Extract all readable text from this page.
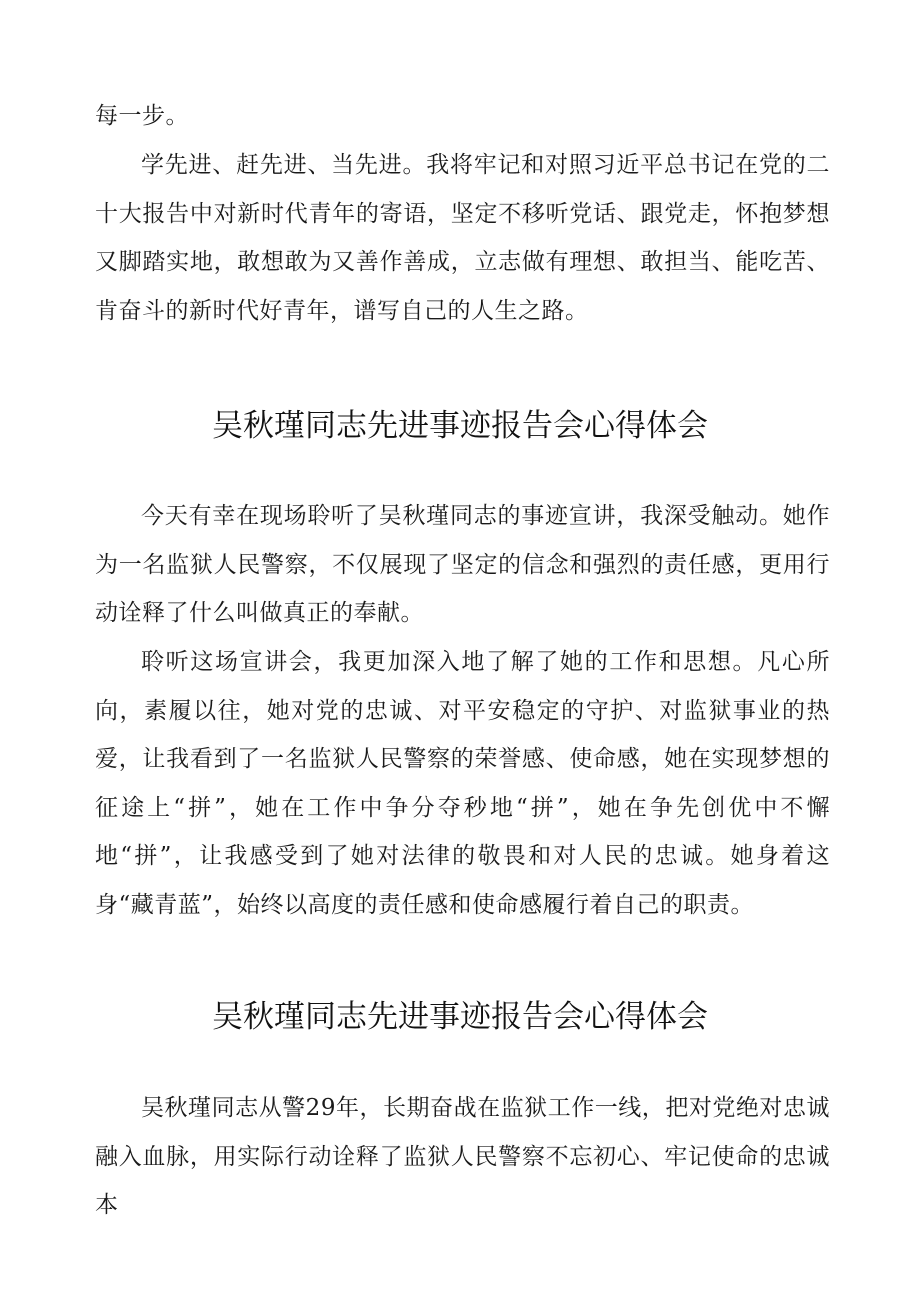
每一步。

学先进、赶先进、当先进。我将牢记和对照习近平总书记在党的二十大报告中对新时代青年的寄语，坚定不移听党话、跟党走，怀抱梦想又脚踏实地，敢想敢为又善作善成，立志做有理想、敢担当、能吃苦、肯奋斗的新时代好青年，谱写自己的人生之路。

吴秋瑾同志先进事迹报告会心得体会

今天有幸在现场聆听了吴秋瑾同志的事迹宣讲，我深受触动。她作为一名监狱人民警察，不仅展现了坚定的信念和强烈的责任感，更用行动诠释了什么叫做真正的奉献。

聆听这场宣讲会，我更加深入地了解了她的工作和思想。凡心所向，素履以往，她对党的忠诚、对平安稳定的守护、对监狱事业的热爱，让我看到了一名监狱人民警察的荣誉感、使命感，她在实现梦想的征途上“拼”，她在工作中争分夺秒地“拼”，她在争先创优中不懈地“拼”，让我感受到了她对法律的敬畏和对人民的忠诚。她身着这身“藏青蓝”，始终以高度的责任感和使命感履行着自己的职责。

吴秋瑾同志先进事迹报告会心得体会

吴秋瑾同志从警29年，长期奋战在监狱工作一线，把对党绝对忠诚融入血脉，用实际行动诠释了监狱人民警察不忘初心、牢记使命的忠诚本
